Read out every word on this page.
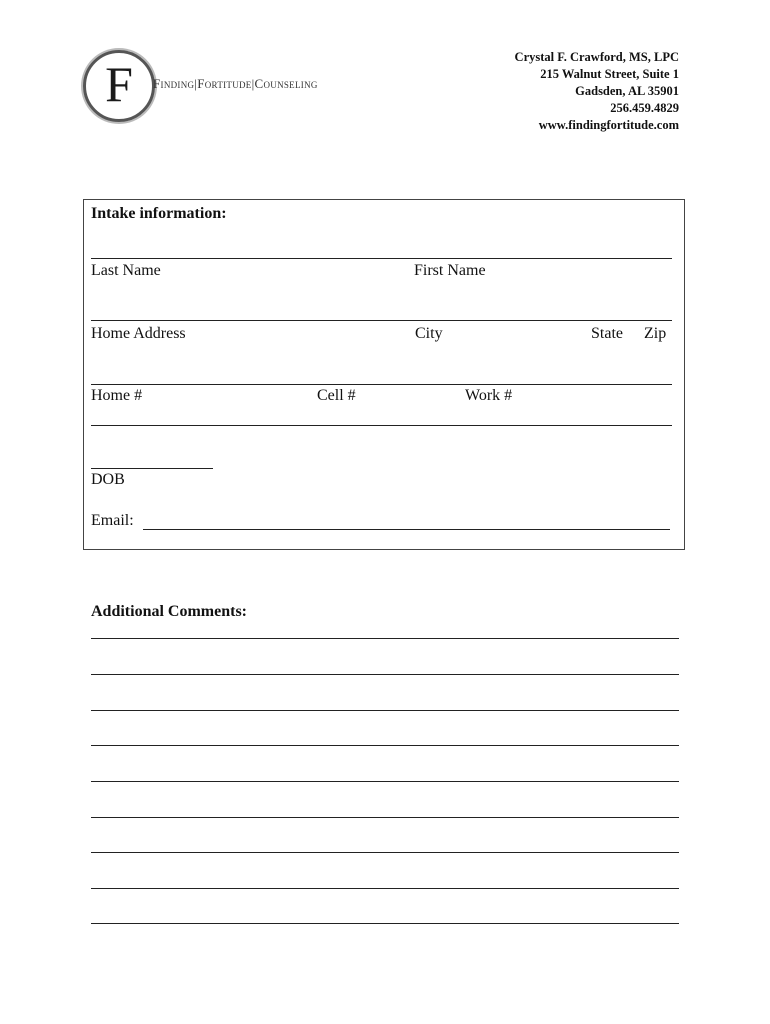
F	Finding|Fortitude|Counseling
Crystal F. Crawford, MS, LPC
215 Walnut Street, Suite 1
Gadsden, AL 35901
256.459.4829
www.findingfortitude.com
Intake information:
Last Name	First Name
Home Address	City	State Zip
Home #	Cell #	Work #
DOB
Email:
Additional Comments:
